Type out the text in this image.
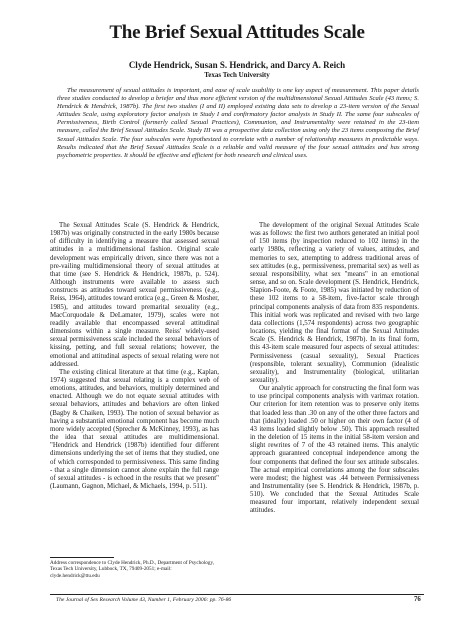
The Brief Sexual Attitudes Scale
Clyde Hendrick, Susan S. Hendrick, and Darcy A. Reich
Texas Tech University
The measurement of sexual attitudes is important, and ease of scale usability is one key aspect of measurement. This paper details three studies conducted to develop a briefer and thus more efficient version of the multidimensional Sexual Attitudes Scale (43 items; S. Hendrick & Hendrick, 1987b). The first two studies (I and II) employed existing data sets to develop a 23-item version of the Sexual Attitudes Scale, using exploratory factor analysis in Study I and confirmatory factor analysis in Study II. The same four subscales of Permissiveness, Birth Control (formerly called Sexual Practices), Communion, and Instrumentality were retained in the 23-item measure, called the Brief Sexual Attitudes Scale. Study III was a prospective data collection using only the 23 items composing the Brief Sexual Attitudes Scale. The four subscales were hypothesized to correlate with a number of relationship measures in predictable ways. Results indicated that the Brief Sexual Attitudes Scale is a reliable and valid measure of the four sexual attitudes and has strong psychometric properties. It should be effective and efficient for both research and clinical uses.

The Sexual Attitudes Scale (S. Hendrick & Hendrick, 1987b) was originally constructed in the early 1980s because of difficulty in identifying a measure that assessed sexual attitudes in a multidimensional fashion. Original scale development was empirically driven, since there was not a pre-vailing multidimensional theory of sexual attitudes at that time (see S. Hendrick & Hendrick, 1987b, p. 524). Although instruments were available to assess such constructs as attitudes toward sexual permissiveness (e.g., Reiss, 1964), attitudes toward erotica (e.g., Green & Mosher, 1985), and attitudes toward premarital sexuality (e.g., MacCorquodale & DeLamater, 1979), scales were not readily available that encompassed several attitudinal dimensions within a single measure. Reiss' widely-used sexual permissiveness scale included the sexual behaviors of kissing, petting, and full sexual relations; however, the emotional and attitudinal aspects of sexual relating were not addressed.

The existing clinical literature at that time (e.g., Kaplan, 1974) suggested that sexual relating is a complex web of emotions, attitudes, and behaviors, multiply determined and enacted. Although we do not equate sexual attitudes with sexual behaviors, attitudes and behaviors are often linked (Bagby & Chaiken, 1993). The notion of sexual behavior as having a substantial emotional component has become much more widely accepted (Sprecher & McKinney, 1993), as has the idea that sexual attitudes are multidimensional. "Hendrick and Hendrick (1987b) identified four different dimensions underlying the set of items that they studied, one of which corresponded to permissiveness. This same finding - that a single dimension cannot alone explain the full range of sexual attitudes - is echoed in the results that we present" (Laumann, Gagnon, Michael, & Michaels, 1994, p. 511).

The development of the original Sexual Attitudes Scale was as follows: the first two authors generated an initial pool of 150 items (by inspection reduced to 102 items) in the early 1980s, reflecting a variety of values, attitudes, and memories to sex, attempting to address traditional areas of sex attitudes (e.g., permissiveness, premarital sex) as well as sexual responsibility, what sex "means" in an emotional sense, and so on. Scale development (S. Hendrick, Hendrick, Slapion-Foote, & Foote, 1985) was initiated by reduction of these 102 items to a 58-item, five-factor scale through principal components analysis of data from 835 respondents. This initial work was replicated and revised with two large data collections (1,574 respondents) across two geographic locations, yielding the final format of the Sexual Attitudes Scale (S. Hendrick & Hendrick, 1987b). In its final form, this 43-item scale measured four aspects of sexual attitudes: Permissiveness (casual sexuality), Sexual Practices (responsible, tolerant sexuality), Communion (idealistic sexuality), and Instrumentality (biological, utilitarian sexuality).

Our analytic approach for constructing the final form was to use principal components analysis with varimax rotation. Our criterion for item retention was to preserve only items that loaded less than .30 on any of the other three factors and that (ideally) loaded .50 or higher on their own factor (4 of 43 items loaded slightly below .50). This approach resulted in the deletion of 15 items in the initial 58-item version and slight rewrites of 7 of the 43 retained items. This analytic approach guaranteed conceptual independence among the four components that defined the four sex attitude subscales. The actual empirical correlations among the four subscales were modest; the highest was .44 between Permissiveness and Instrumentality (see S. Hendrick & Hendrick, 1987b, p. 510). We concluded that the Sexual Attitudes Scale measured four important, relatively independent sexual attitudes.

Address correspondence to Clyde Hendrick, Ph.D., Department of Psychology, Texas Tech University, Lubbock, TX, 79409-2051; e-mail: clyde.hendrick@ttu.edu
The Journal of Sex Research Volume 43, Number 1, February 2006: pp. 76-86	76
